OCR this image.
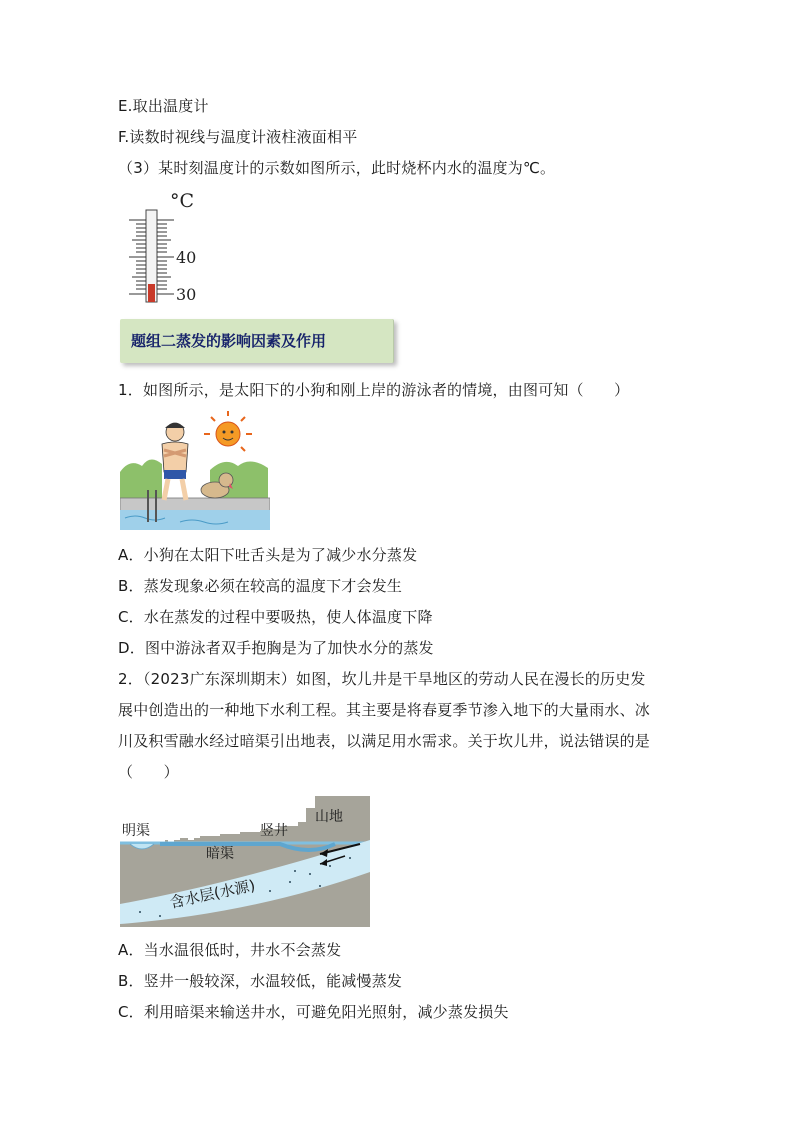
E.取出温度计
F.读数时视线与温度计液柱液面相平
（3）某时刻温度计的示数如图所示，此时烧杯内水的温度为℃。
°C
40
30
题组二蒸发的影响因素及作用
1．如图所示，是太阳下的小狗和刚上岸的游泳者的情境，由图可知（　　）
A．小狗在太阳下吐舌头是为了减少水分蒸发
B．蒸发现象必须在较高的温度下才会发生
C．水在蒸发的过程中要吸热，使人体温度下降
D．图中游泳者双手抱胸是为了加快水分的蒸发
2．（2023广东深圳期末）如图，坎儿井是干旱地区的劳动人民在漫长的历史发
展中创造出的一种地下水利工程。其主要是将春夏季节渗入地下的大量雨水、冰
川及积雪融水经过暗渠引出地表，以满足用水需求。关于坎儿井，说法错误的是
（　　）
明渠	竖井
山地
暗渠
含水层(水源)
A．当水温很低时，井水不会蒸发
B．竖井一般较深，水温较低，能减慢蒸发
C．利用暗渠来输送井水，可避免阳光照射，减少蒸发损失
